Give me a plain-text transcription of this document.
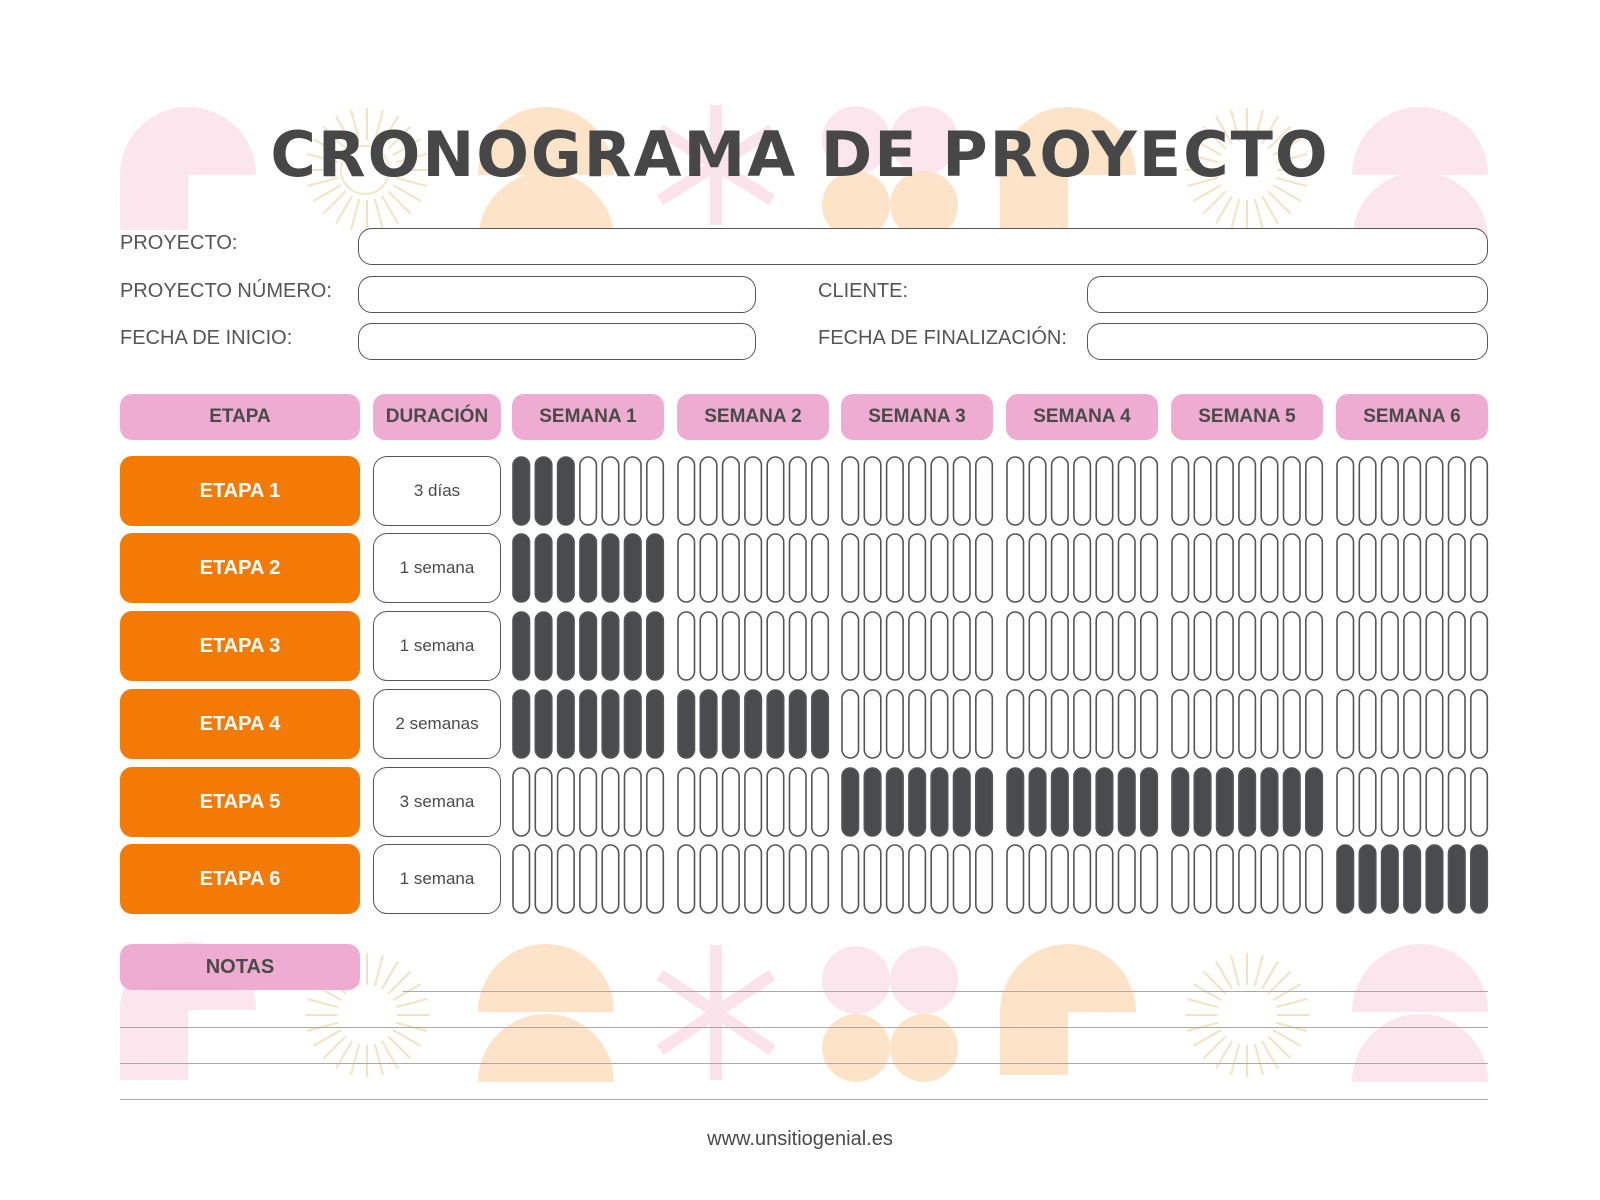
CRONOGRAMA DE PROYECTO
PROYECTO:
PROYECTO NÚMERO:	CLIENTE:
FECHA DE INICIO:	FECHA DE FINALIZACIÓN:
ETAPA	DURACIÓN	SEMANA 1	SEMANA 2	SEMANA 3	SEMANA 4	SEMANA 5	SEMANA 6
ETAPA 1	3 días
ETAPA 2	1 semana
ETAPA 3	1 semana
ETAPA 4	2 semanas
ETAPA 5	3 semana
ETAPA 6	1 semana
NOTAS
www.unsitiogenial.es
